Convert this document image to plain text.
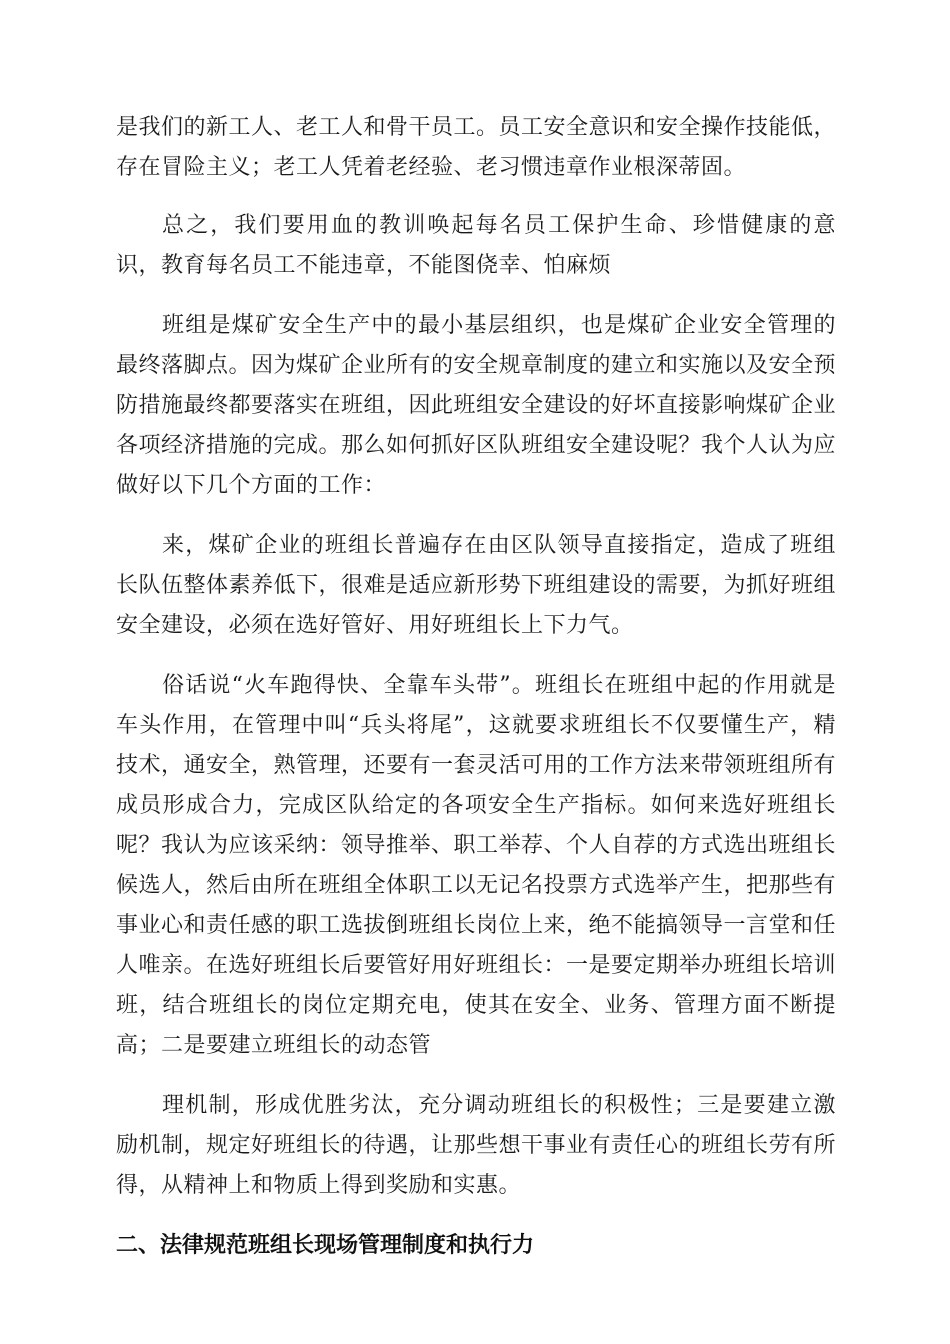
是我们的新工人、老工人和骨干员工。员工安全意识和安全操作技能低，存在冒险主义；老工人凭着老经验、老习惯违章作业根深蒂固。

总之，我们要用血的教训唤起每名员工保护生命、珍惜健康的意识，教育每名员工不能违章，不能图侥幸、怕麻烦

班组是煤矿安全生产中的最小基层组织，也是煤矿企业安全管理的最终落脚点。因为煤矿企业所有的安全规章制度的建立和实施以及安全预防措施最终都要落实在班组，因此班组安全建设的好坏直接影响煤矿企业各项经济措施的完成。那么如何抓好区队班组安全建设呢？我个人认为应做好以下几个方面的工作：

来，煤矿企业的班组长普遍存在由区队领导直接指定，造成了班组长队伍整体素养低下，很难是适应新形势下班组建设的需要，为抓好班组安全建设，必须在选好管好、用好班组长上下力气。

俗话说“火车跑得快、全靠车头带”。班组长在班组中起的作用就是车头作用，在管理中叫“兵头将尾”，这就要求班组长不仅要懂生产，精技术，通安全，熟管理，还要有一套灵活可用的工作方法来带领班组所有成员形成合力，完成区队给定的各项安全生产指标。如何来选好班组长呢？我认为应该采纳：领导推举、职工举荐、个人自荐的方式选出班组长候选人，然后由所在班组全体职工以无记名投票方式选举产生，把那些有事业心和责任感的职工选拔倒班组长岗位上来，绝不能搞领导一言堂和任人唯亲。在选好班组长后要管好用好班组长：一是要定期举办班组长培训班，结合班组长的岗位定期充电，使其在安全、业务、管理方面不断提高；二是要建立班组长的动态管

理机制，形成优胜劣汰，充分调动班组长的积极性；三是要建立激励机制，规定好班组长的待遇，让那些想干事业有责任心的班组长劳有所得，从精神上和物质上得到奖励和实惠。

二、法律规范班组长现场管理制度和执行力
